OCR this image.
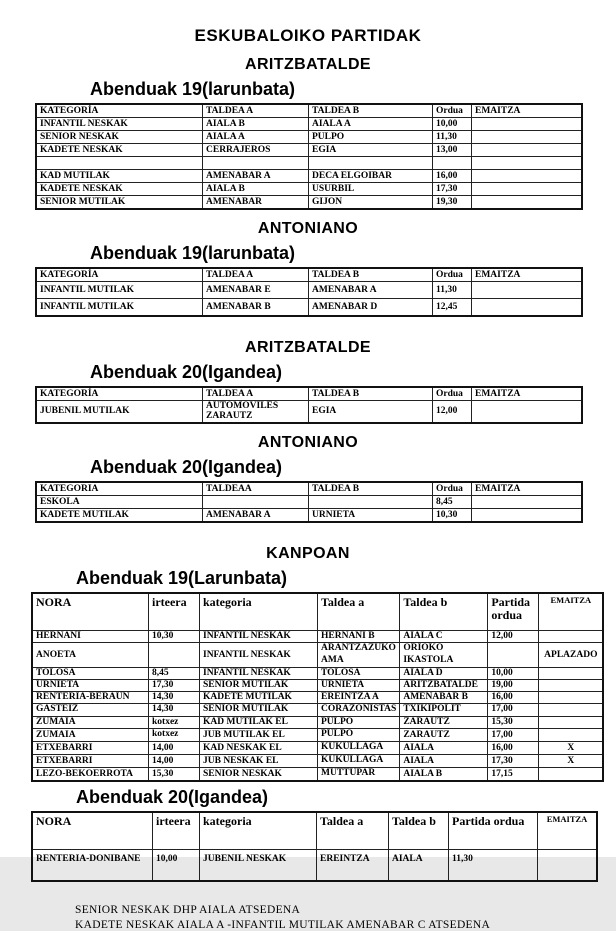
ESKUBALOIKO PARTIDAK
ARITZBATALDE
Abenduak 19(larunbata)
KATEGORÍA	TALDEA A	TALDEA B	Ordua	EMAITZA
INFANTIL NESKAK	AIALA B	AIALA A	10,00	
SENIOR NESKAK	AIALA A	PULPO	11,30	
KADETE NESKAK	CERRAJEROS	EGIA	13,00	

KAD MUTILAK	AMENABAR A	DECA ELGOIBAR	16,00	
KADETE NESKAK	AIALA B	USURBIL	17,30	
SENIOR MUTILAK	AMENABAR	GIJON	19,30	
ANTONIANO
Abenduak 19(larunbata)
KATEGORÍA	TALDEA A	TALDEA B	Ordua	EMAITZA
INFANTIL MUTILAK	AMENABAR E	AMENABAR A	11,30	
INFANTIL MUTILAK	AMENABAR B	AMENABAR D	12,45	
ARITZBATALDE
Abenduak 20(Igandea)
KATEGORÍA	TALDEA A	TALDEA B	Ordua	EMAITZA
JUBENIL MUTILAK	AUTOMOVILES ZARAUTZ	EGIA	12,00	
ANTONIANO
Abenduak 20(Igandea)
KATEGORIA	TALDEAA	TALDEA B	Ordua	EMAITZA
ESKOLA			8,45	
KADETE MUTILAK	AMENABAR A	URNIETA	10,30	
KANPOAN
Abenduak 19(Larunbata)
NORA	irteera	kategoria	Taldea a	Taldea b	Partida ordua	EMAITZA
HERNANI	10,30	INFANTIL NESKAK	HERNANI B	AIALA C	12,00	
ANOETA		INFANTIL NESKAK	ARANTZAZUKO AMA	ORIOKO IKASTOLA		APLAZADO
TOLOSA	8,45	INFANTIL NESKAK	TOLOSA	AIALA D	10,00	
URNIETA	17,30	SENIOR MUTILAK	URNIETA	ARITZBATALDE	19,00	
RENTERIA-BERAUN	14,30	KADETE MUTILAK	EREINTZA A	AMENABAR B	16,00	
GASTEIZ	14,30	SENIOR MUTILAK	CORAZONISTAS	TXIKIPOLIT	17,00	
ZUMAIA	kotxez	KAD MUTILAK EL	PULPO	ZARAUTZ	15,30	
ZUMAIA	kotxez	JUB MUTILAK EL	PULPO	ZARAUTZ	17,00	
ETXEBARRI	14,00	KAD NESKAK EL	KUKULLAGA	AIALA	16,00	X
ETXEBARRI	14,00	JUB NESKAK EL	KUKULLAGA	AIALA	17,30	X
LEZO-BEKOERROTA	15,30	SENIOR NESKAK	MUTTUPAR	AIALA B	17,15	
Abenduak 20(Igandea)
NORA	irteera	kategoria	Taldea a	Taldea b	Partida ordua	EMAITZA
RENTERIA-DONIBANE	10,00	JUBENIL NESKAK	EREINTZA	AIALA	11,30	
SENIOR NESKAK DHP AIALA ATSEDENA
KADETE NESKAK AIALA A -INFANTIL MUTILAK AMENABAR C ATSEDENA
